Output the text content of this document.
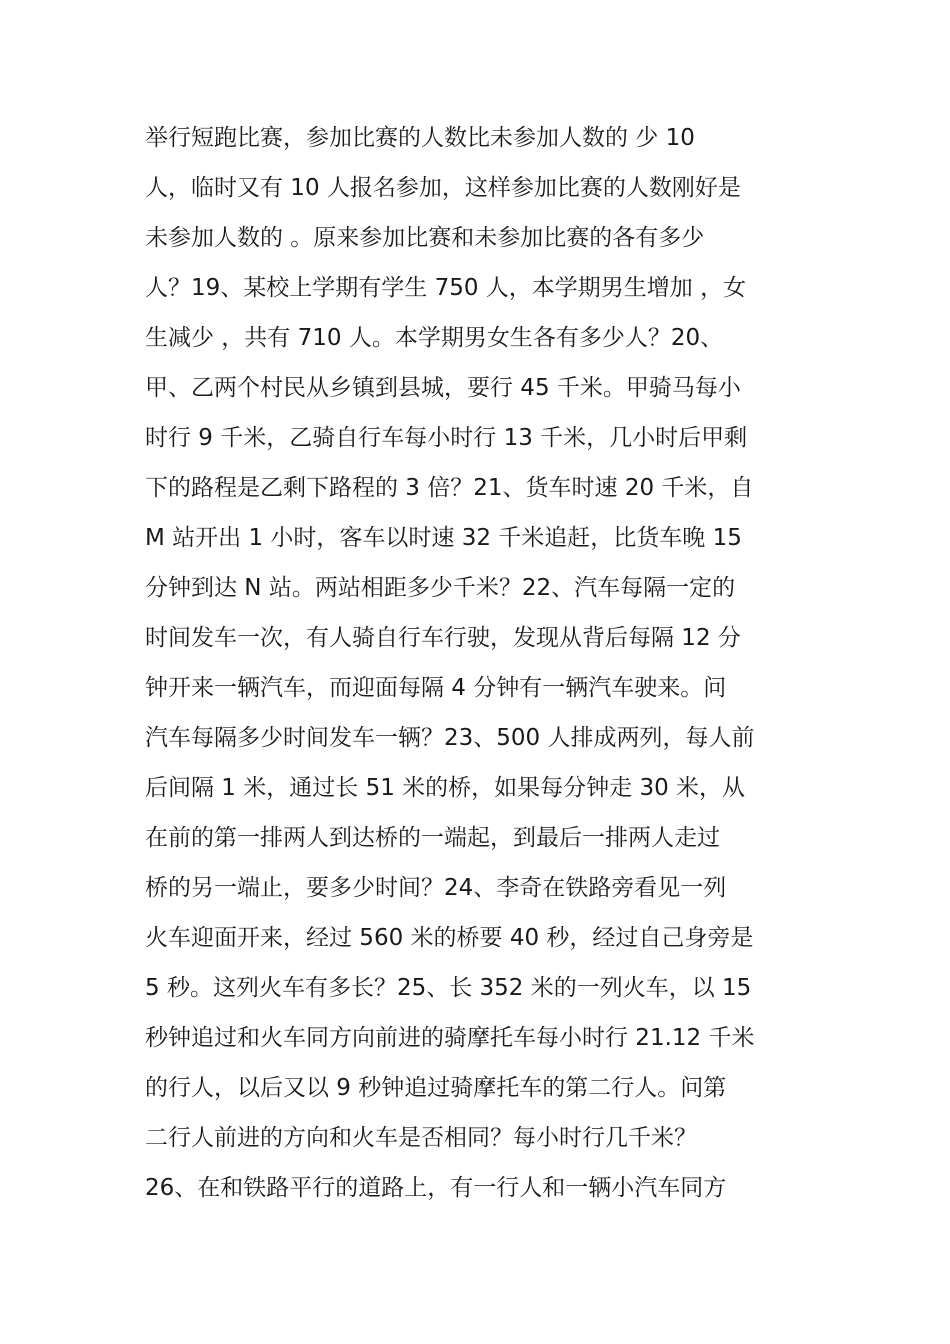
举行短跑比赛，参加比赛的人数比未参加人数的 少 10
人，临时又有 10 人报名参加，这样参加比赛的人数刚好是
未参加人数的 。原来参加比赛和未参加比赛的各有多少
人？19、某校上学期有学生 750 人，本学期男生增加 ，女
生减少 ，共有 710 人。本学期男女生各有多少人？20、
甲、乙两个村民从乡镇到县城，要行 45 千米。甲骑马每小
时行 9 千米，乙骑自行车每小时行 13 千米，几小时后甲剩
下的路程是乙剩下路程的 3 倍？21、货车时速 20 千米，自
M 站开出 1 小时，客车以时速 32 千米追赶，比货车晚 15
分钟到达 N 站。两站相距多少千米？22、汽车每隔一定的
时间发车一次，有人骑自行车行驶，发现从背后每隔 12 分
钟开来一辆汽车，而迎面每隔 4 分钟有一辆汽车驶来。问
汽车每隔多少时间发车一辆？23、500 人排成两列，每人前
后间隔 1 米，通过长 51 米的桥，如果每分钟走 30 米，从
在前的第一排两人到达桥的一端起，到最后一排两人走过
桥的另一端止，要多少时间？24、李奇在铁路旁看见一列
火车迎面开来，经过 560 米的桥要 40 秒，经过自己身旁是
5 秒。这列火车有多长？25、长 352 米的一列火车，以 15
秒钟追过和火车同方向前进的骑摩托车每小时行 21.12 千米
的行人，以后又以 9 秒钟追过骑摩托车的第二行人。问第
二行人前进的方向和火车是否相同？每小时行几千米？
26、在和铁路平行的道路上，有一行人和一辆小汽车同方
